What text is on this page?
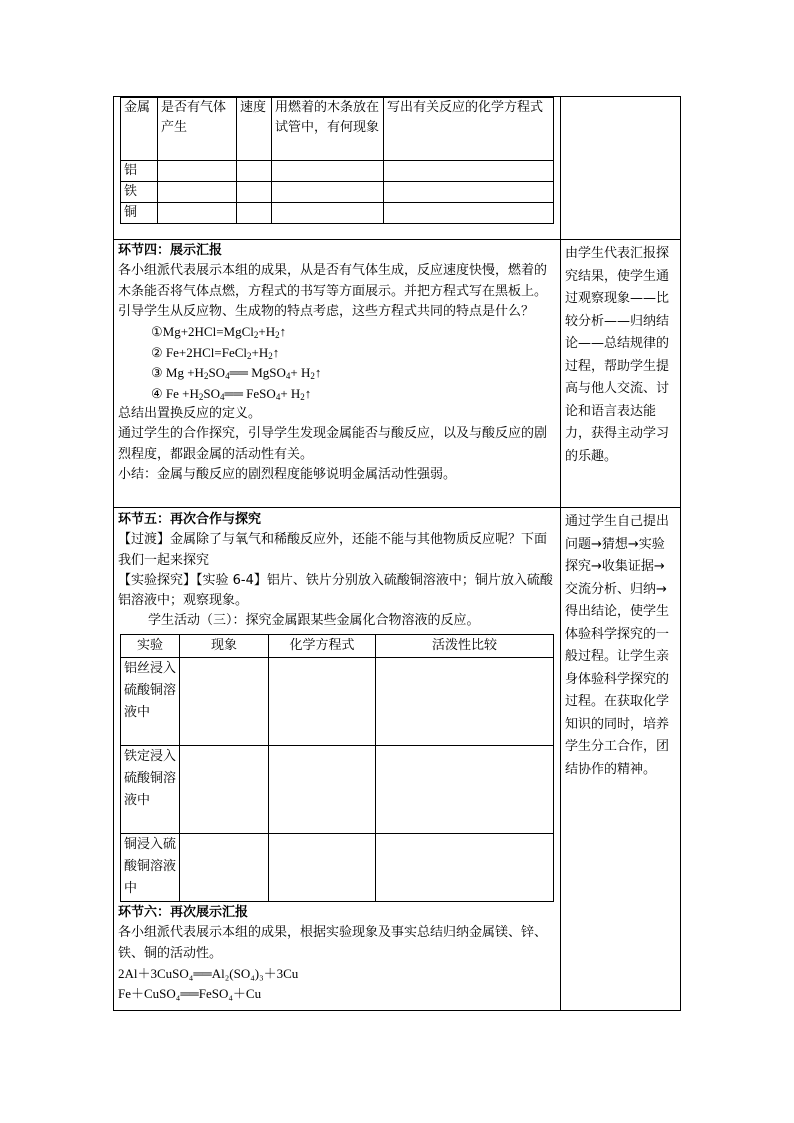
金属	是否有气体产生	速度	用燃着的木条放在试管中，有何现象	写出有关反应的化学方程式
铝				
铁				
铜				

环节四：展示汇报

各小组派代表展示本组的成果，从是否有气体生成，反应速度快慢，燃着的木条能否将气体点燃，方程式的书写等方面展示。并把方程式写在黑板上。引导学生从反应物、生成物的特点考虑，这些方程式共同的特点是什么？

$①Mg+2HCl=MgCl_2+H_2↑$

② $Fe+2HCl=FeCl_2+H_2↑$

③ $Mg +H_2SO_4══$ MgSO$_4$+ $H_2↑$

④ $Fe +H_2SO_4══$ FeSO$_4$+ $H_2↑$

总结出置换反应的定义。

通过学生的合作探究，引导学生发现金属能否与酸反应，以及与酸反应的剧烈程度，都跟金属的活动性有关。

小结：金属与酸反应的剧烈程度能够说明金属活动性强弱。

由学生代表汇报探究结果，使学生通过观察现象——比较分析——归纳结论——总结规律的过程，帮助学生提高与他人交流、讨论和语言表达能力，获得主动学习的乐趣。

环节五：再次合作与探究

【过渡】金属除了与氧气和稀酸反应外，还能不能与其他物质反应呢？下面我们一起来探究

【实验探究】【实验 6-4】铝片、铁片分别放入硫酸铜溶液中；铜片放入硫酸铝溶液中；观察现象。

学生活动（三）：探究金属跟某些金属化合物溶液的反应。

实验	现象	化学方程式	活泼性比较
铝丝浸入硫酸铜溶液中			
铁定浸入硫酸铜溶液中			
铜浸入硫酸铜溶液中			

环节六：再次展示汇报

各小组派代表展示本组的成果，根据实验现象及事实总结归纳金属镁、锌、铁、铜的活动性。

2Al＋3CuSO₄══Al₂(SO₄)₃＋3Cu

Fe＋CuSO₄══FeSO₄＋Cu

通过学生自己提出问题→猜想→实验探究→收集证据→交流分析、归纳→得出结论，使学生体验科学探究的一般过程。让学生亲身体验科学探究的过程。在获取化学知识的同时，培养学生分工合作，团结协作的精神。
